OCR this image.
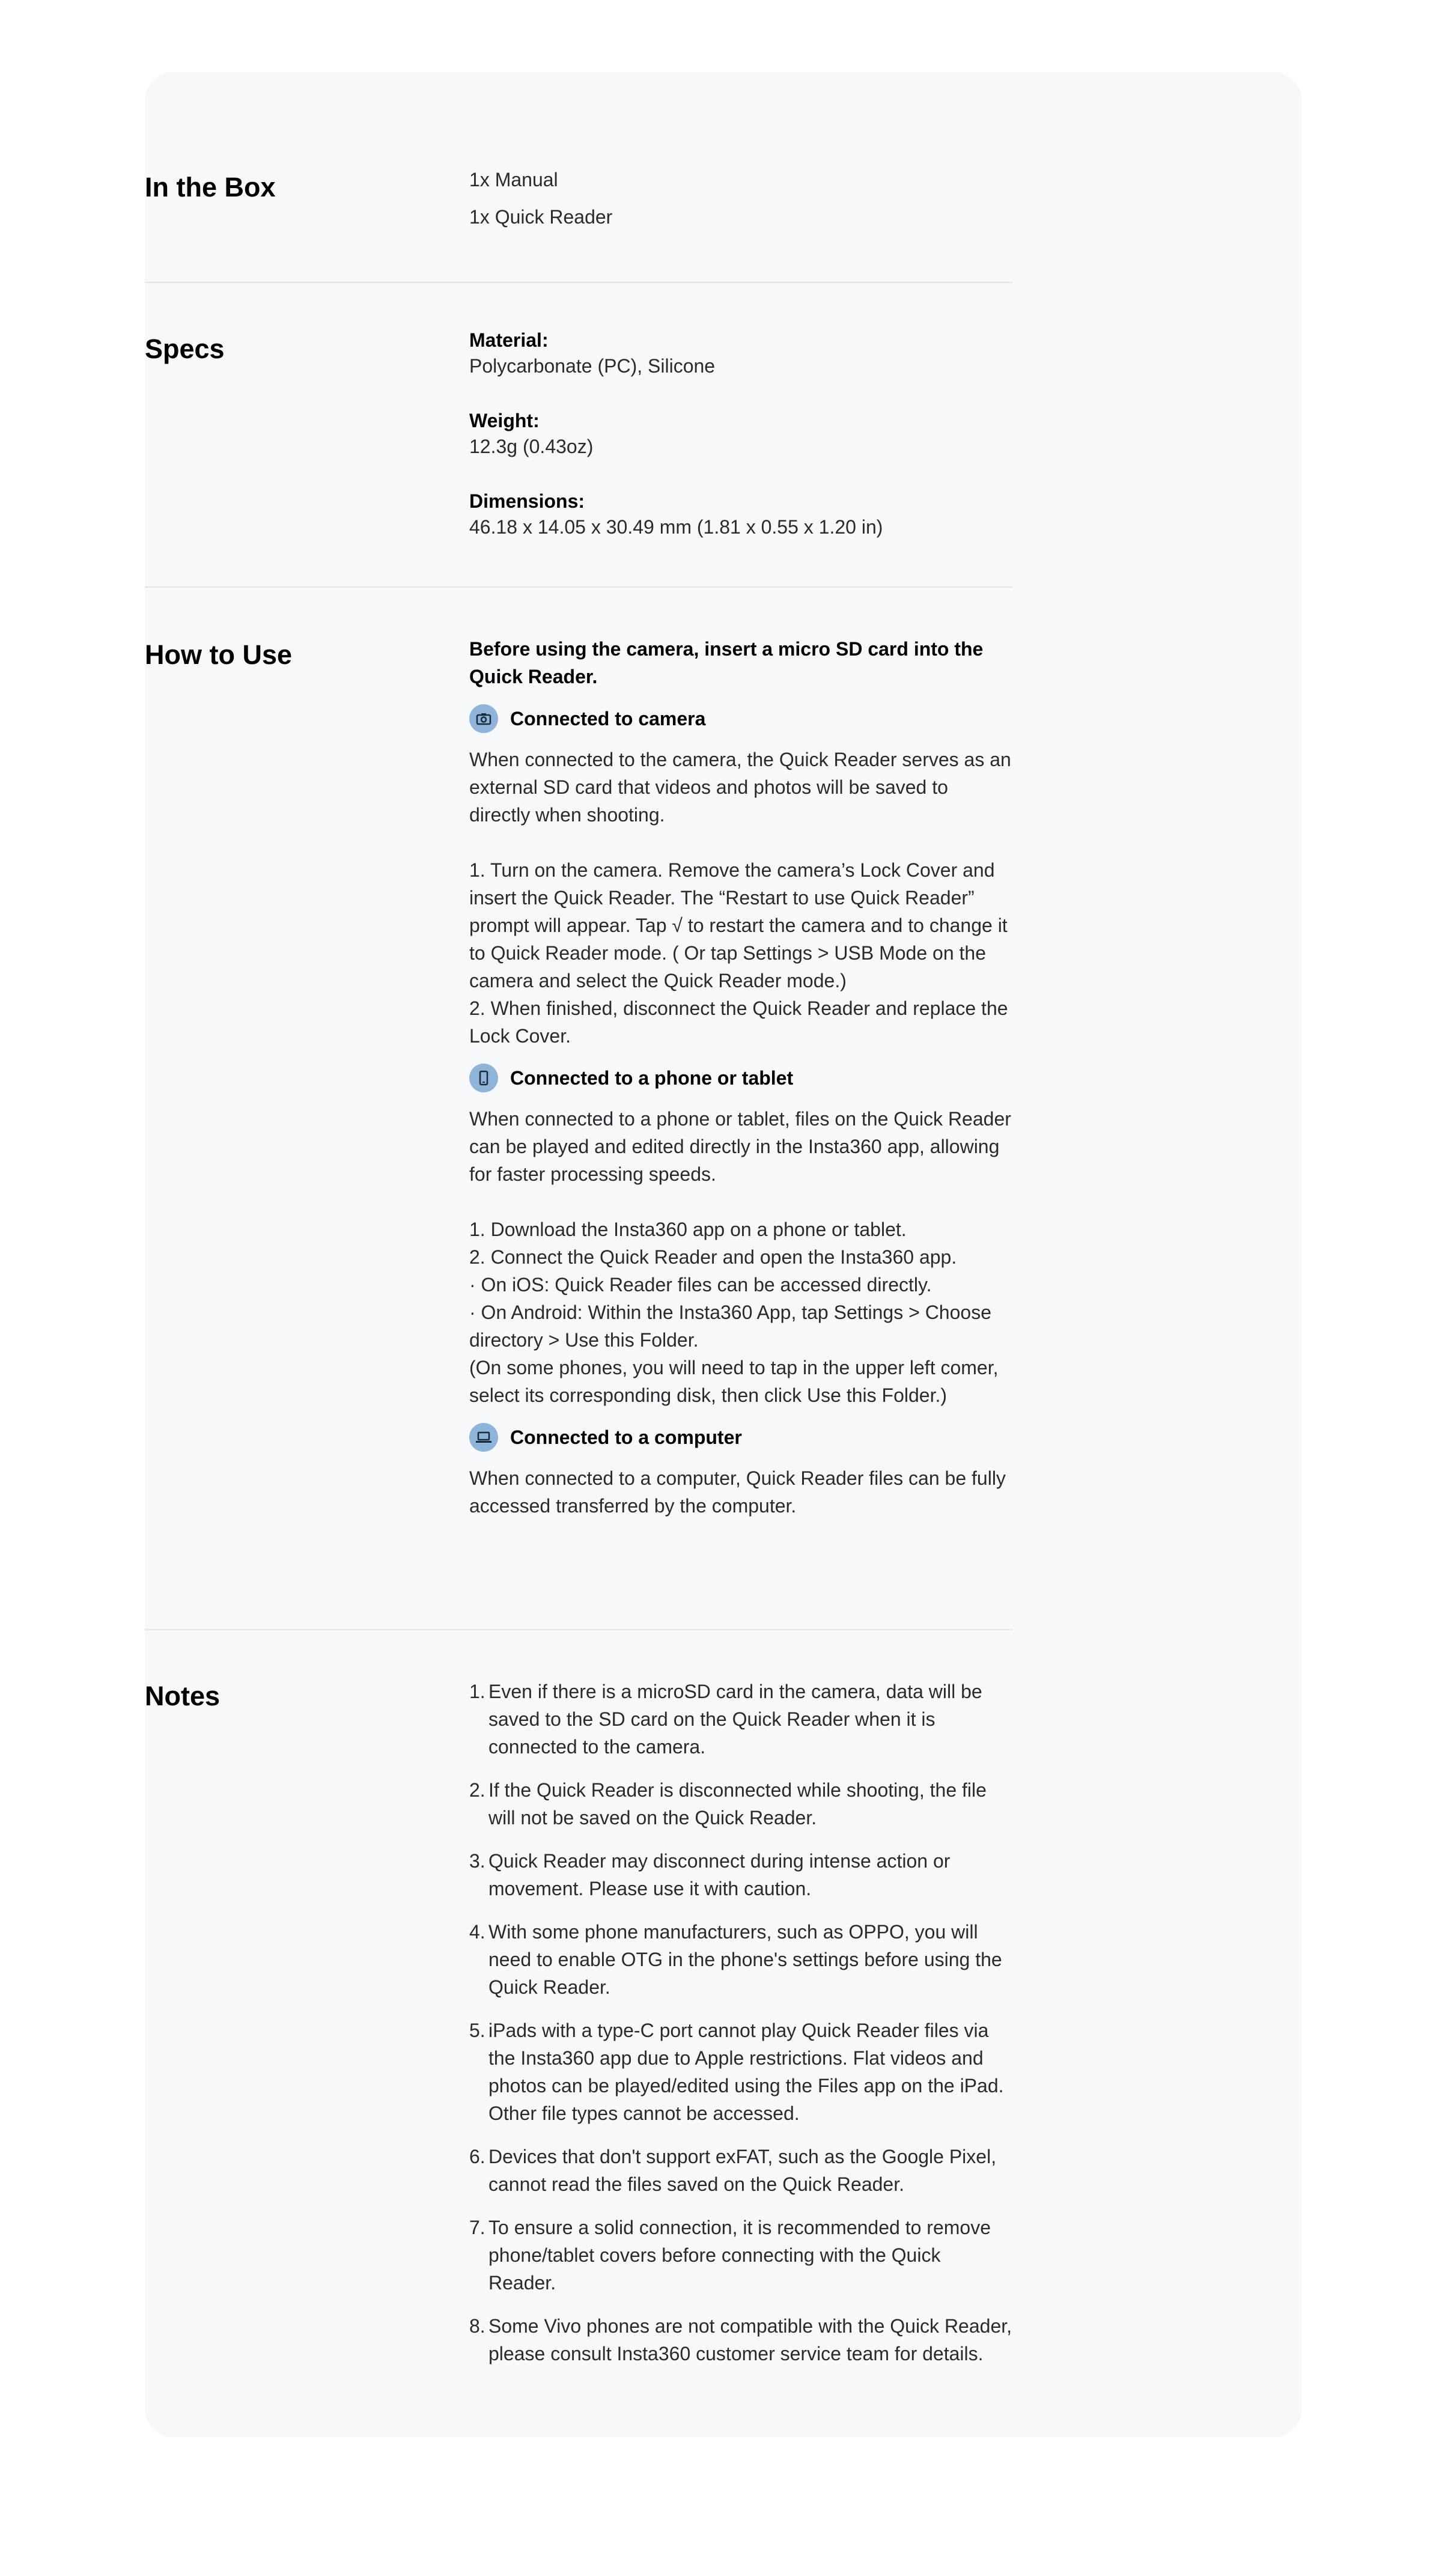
In the Box	1x Manual

1x Quick Reader

Specs	Material:

Polycarbonate (PC), Silicone

Weight:

12.3g (0.43oz)

Dimensions:

46.18 x 14.05 x 30.49 mm (1.81 x 0.55 x 1.20 in)

How to Use	Before using the camera, insert a micro SD card into the Quick Reader.

Connected to camera

When connected to the camera, the Quick Reader serves as an external SD card that videos and photos will be saved to directly when shooting.

1. Turn on the camera. Remove the camera’s Lock Cover and insert the Quick Reader. The “Restart to use Quick Reader” prompt will appear. Tap √ to restart the camera and to change it to Quick Reader mode. ( Or tap Settings > USB Mode on the camera and select the Quick Reader mode.)
2. When finished, disconnect the Quick Reader and replace the Lock Cover.

Connected to a phone or tablet

When connected to a phone or tablet, files on the Quick Reader can be played and edited directly in the Insta360 app, allowing for faster processing speeds.

1. Download the Insta360 app on a phone or tablet.
2. Connect the Quick Reader and open the Insta360 app.
· On iOS: Quick Reader files can be accessed directly.
· On Android: Within the Insta360 App, tap Settings > Choose directory > Use this Folder.
(On some phones, you will need to tap in the upper left comer, select its corresponding disk, then click Use this Folder.)

Connected to a computer

When connected to a computer, Quick Reader files can be fully accessed transferred by the computer.

Notes	1. Even if there is a microSD card in the camera, data will be saved to the SD card on the Quick Reader when it is connected to the camera.
2. If the Quick Reader is disconnected while shooting, the file will not be saved on the Quick Reader.
3. Quick Reader may disconnect during intense action or movement. Please use it with caution.
4. With some phone manufacturers, such as OPPO, you will need to enable OTG in the phone's settings before using the Quick Reader.
5. iPads with a type-C port cannot play Quick Reader files via the Insta360 app due to Apple restrictions. Flat videos and photos can be played/edited using the Files app on the iPad. Other file types cannot be accessed.
6. Devices that don't support exFAT, such as the Google Pixel, cannot read the files saved on the Quick Reader.
7. To ensure a solid connection, it is recommended to remove phone/tablet covers before connecting with the Quick Reader.
8. Some Vivo phones are not compatible with the Quick Reader, please consult Insta360 customer service team for details.
